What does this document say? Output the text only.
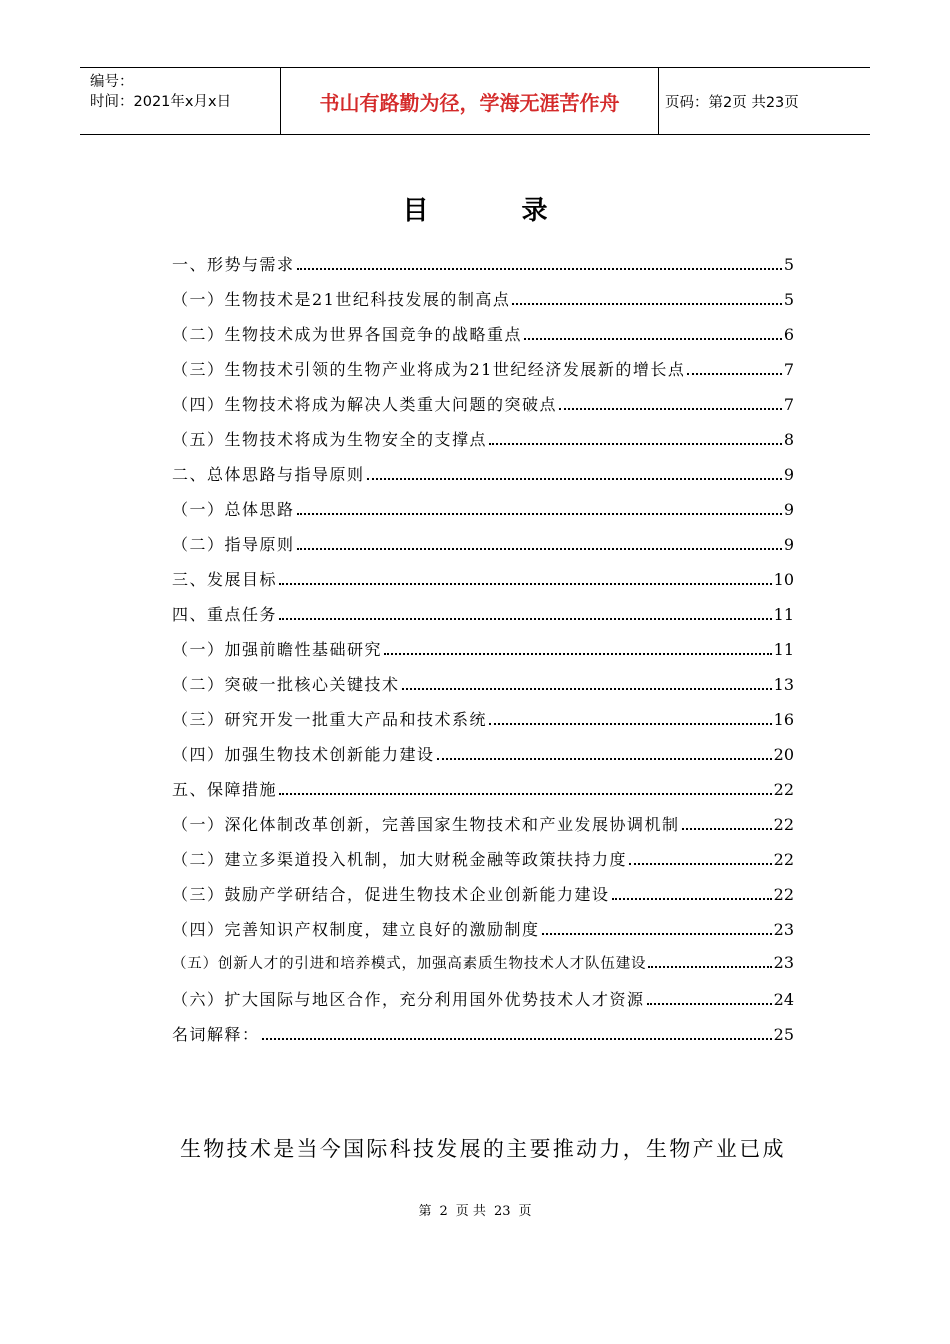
编号：
时间：2021年x月x日	书山有路勤为径，学海无涯苦作舟	页码：第2页 共23页
目 录
一、形势与需求	5
（一）生物技术是21世纪科技发展的制高点	5
（二）生物技术成为世界各国竞争的战略重点	6
（三）生物技术引领的生物产业将成为21世纪经济发展新的增长点	7
（四）生物技术将成为解决人类重大问题的突破点	7
（五）生物技术将成为生物安全的支撑点	8
二、总体思路与指导原则	9
（一）总体思路	9
（二）指导原则	9
三、发展目标	10
四、重点任务	11
（一）加强前瞻性基础研究	11
（二）突破一批核心关键技术	13
（三）研究开发一批重大产品和技术系统	16
（四）加强生物技术创新能力建设	20
五、保障措施	22
（一）深化体制改革创新，完善国家生物技术和产业发展协调机制	22
（二）建立多渠道投入机制，加大财税金融等政策扶持力度	22
（三）鼓励产学研结合，促进生物技术企业创新能力建设	22
（四）完善知识产权制度，建立良好的激励制度	23
（五）创新人才的引进和培养模式，加强高素质生物技术人才队伍建设	23
（六）扩大国际与地区合作，充分利用国外优势技术人才资源	24
名词解释：	25
生物技术是当今国际科技发展的主要推动力，生物产业已成
第 2 页 共 23 页
